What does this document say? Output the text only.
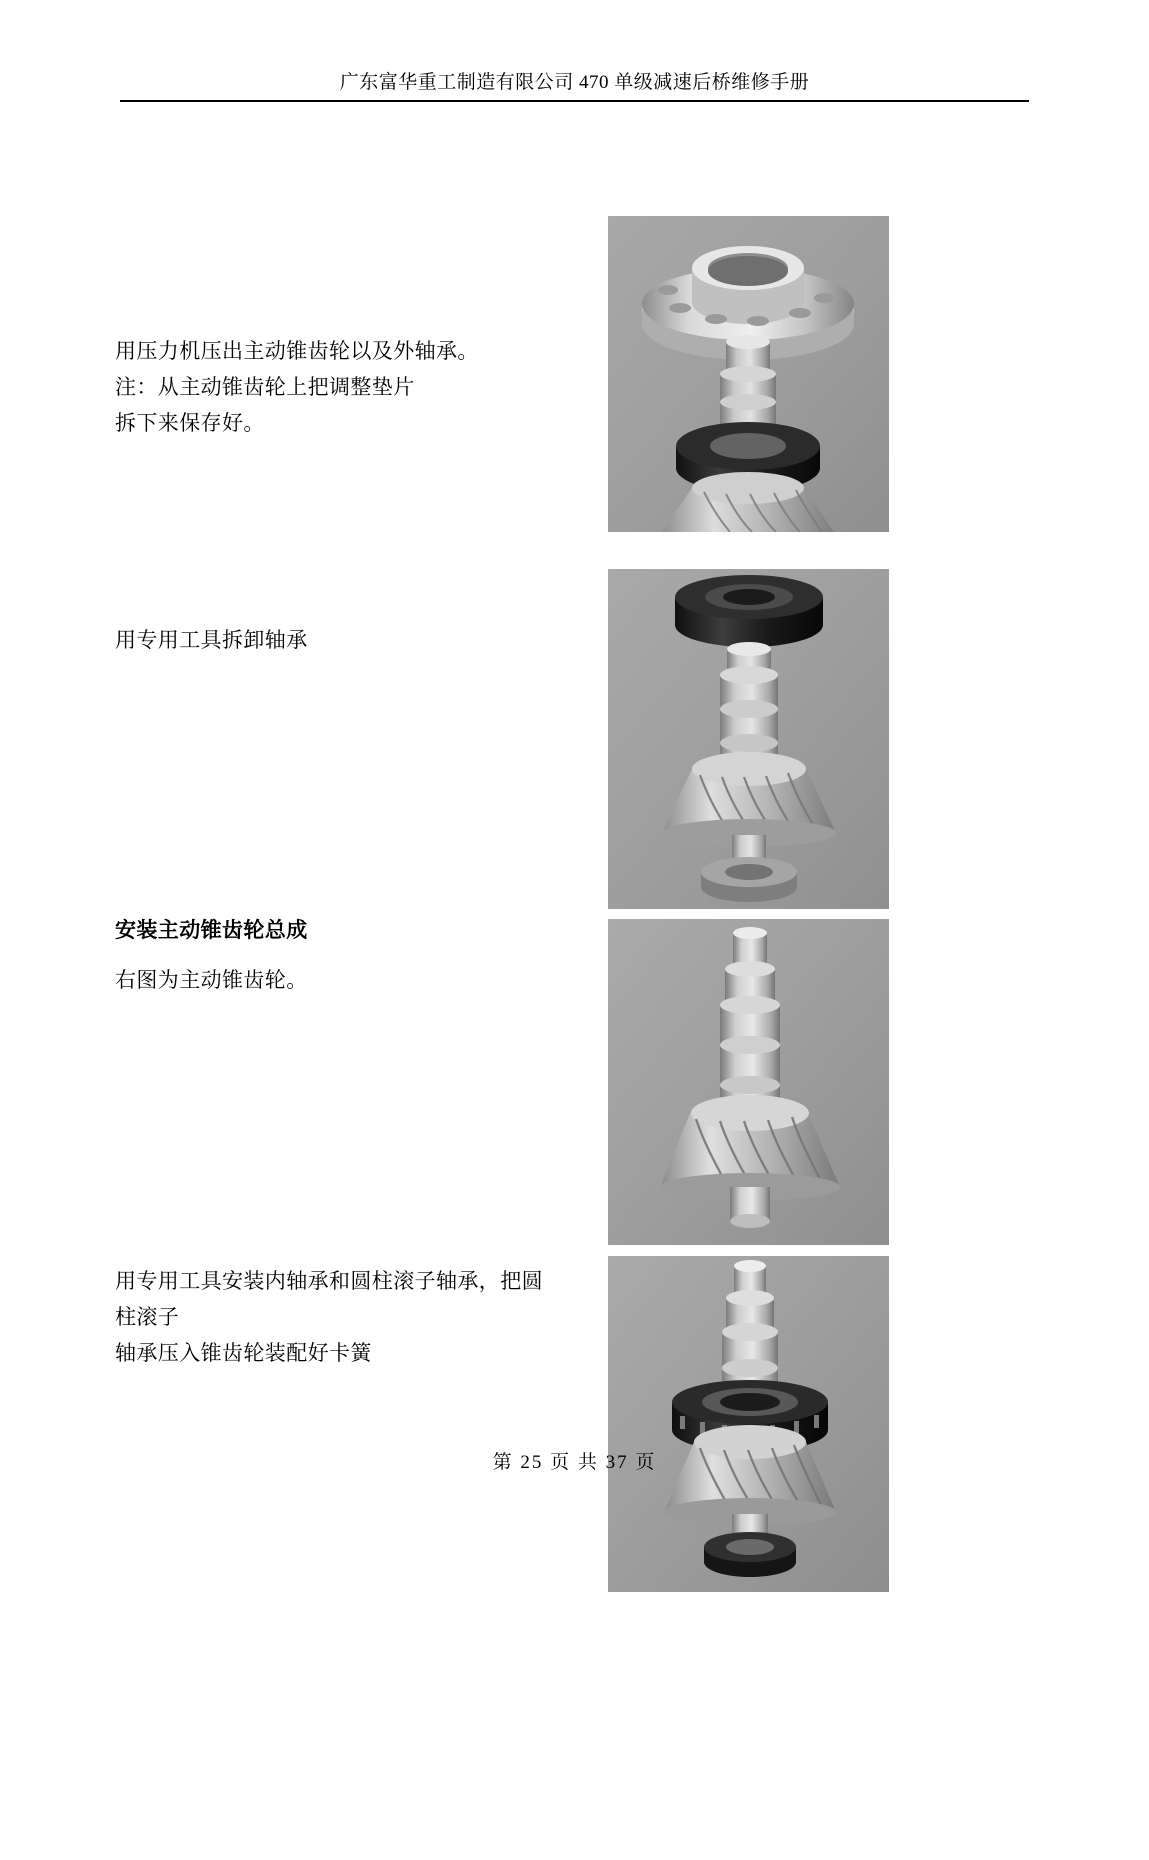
广东富华重工制造有限公司 470 单级减速后桥维修手册

用压力机压出主动锥齿轮以及外轴承。

注：从主动锥齿轮上把调整垫片

拆下来保存好。

用专用工具拆卸轴承

安装主动锥齿轮总成

右图为主动锥齿轮。

用专用工具安装内轴承和圆柱滚子轴承，把圆柱滚子

轴承压入锥齿轮装配好卡簧

第 25 页 共 37 页
